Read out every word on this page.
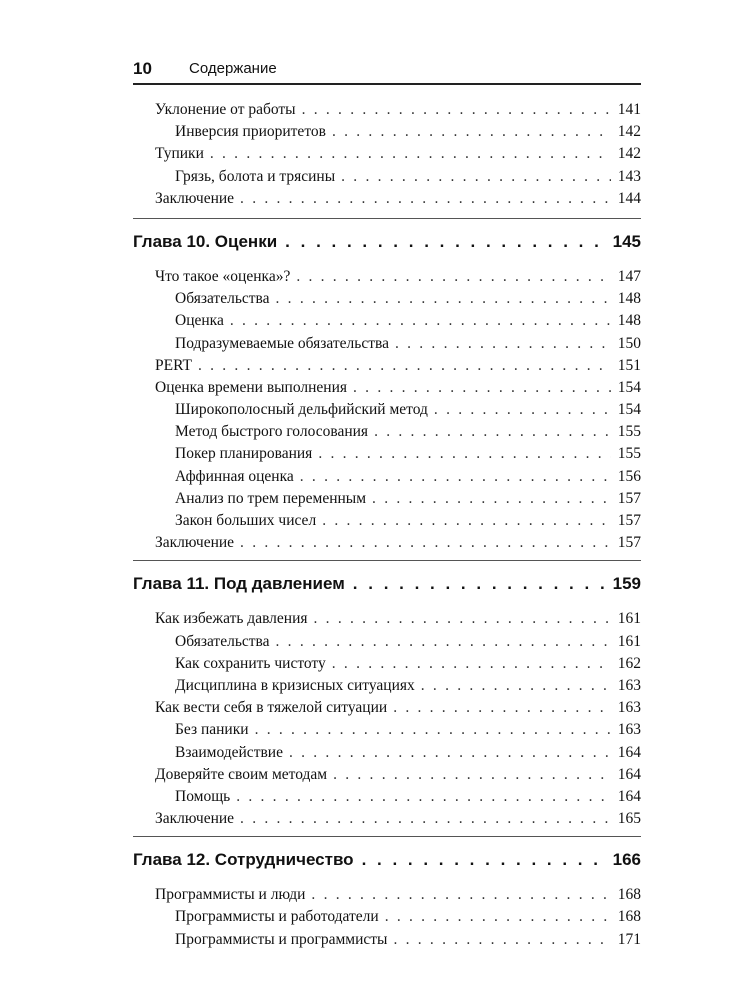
10	Содержание
Уклонение от работы . . .	141
Инверсия приоритетов . . .	142
Тупики . . .	142
Грязь, болота и трясины . . .	143
Заключение . . .	144
Глава 10. Оценки . . .	145
Что такое «оценка»? . . .	147
Обязательства . . .	148
Оценка . . .	148
Подразумеваемые обязательства . . .	150
PERT . . .	151
Оценка времени выполнения . . .	154
Широкополосный дельфийский метод . . .	154
Метод быстрого голосования . . .	155
Покер планирования . . .	155
Аффинная оценка . . .	156
Анализ по трем переменным . . .	157
Закон больших чисел . . .	157
Заключение . . .	157
Глава 11. Под давлением . . .	159
Как избежать давления . . .	161
Обязательства . . .	161
Как сохранить чистоту . . .	162
Дисциплина в кризисных ситуациях . . .	163
Как вести себя в тяжелой ситуации . . .	163
Без паники . . .	163
Взаимодействие . . .	164
Доверяйте своим методам . . .	164
Помощь . . .	164
Заключение . . .	165
Глава 12. Сотрудничество . . .	166
Программисты и люди . . .	168
Программисты и работодатели . . .	168
Программисты и программисты . . .	171
